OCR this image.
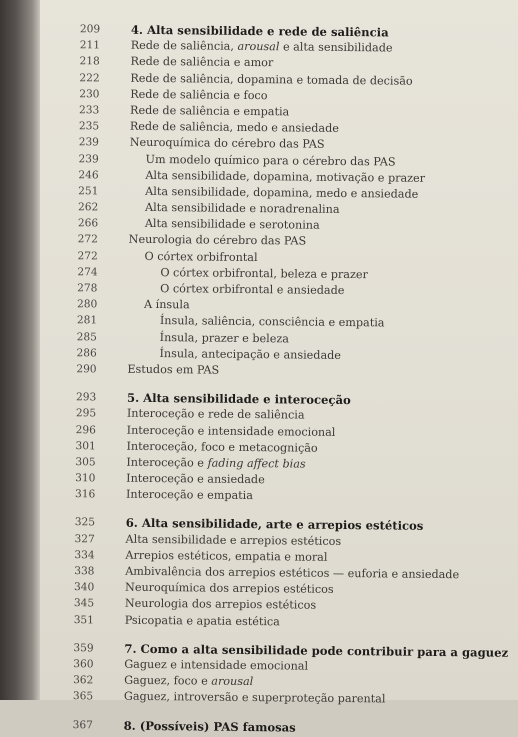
209	4. Alta sensibilidade e rede de saliência
211	Rede de saliência, arousal e alta sensibilidade
218	Rede de saliência e amor
222	Rede de saliência, dopamina e tomada de decisão
230	Rede de saliência e foco
233	Rede de saliência e empatia
235	Rede de saliência, medo e ansiedade
239	Neuroquímica do cérebro das PAS
239	Um modelo químico para o cérebro das PAS
246	Alta sensibilidade, dopamina, motivação e prazer
251	Alta sensibilidade, dopamina, medo e ansiedade
262	Alta sensibilidade e noradrenalina
266	Alta sensibilidade e serotonina
272	Neurologia do cérebro das PAS
272	O córtex orbifrontal
274	O córtex orbifrontal, beleza e prazer
278	O córtex orbifrontal e ansiedade
280	A ínsula
281	Ínsula, saliência, consciência e empatia
285	Ínsula, prazer e beleza
286	Ínsula, antecipação e ansiedade
290	Estudos em PAS
293	5. Alta sensibilidade e interoceção
295	Interoceção e rede de saliência
296	Interoceção e intensidade emocional
301	Interoceção, foco e metacognição
305	Interoceção e fading affect bias
310	Interoceção e ansiedade
316	Interoceção e empatia
325	6. Alta sensibilidade, arte e arrepios estéticos
327	Alta sensibilidade e arrepios estéticos
334	Arrepios estéticos, empatia e moral
338	Ambivalência dos arrepios estéticos — euforia e ansiedade
340	Neuroquímica dos arrepios estéticos
345	Neurologia dos arrepios estéticos
351	Psicopatia e apatia estética
359	7. Como a alta sensibilidade pode contribuir para a gaguez
360	Gaguez e intensidade emocional
362	Gaguez, foco e arousal
365	Gaguez, introversão e superproteção parental
367	8. (Possíveis) PAS famosas
